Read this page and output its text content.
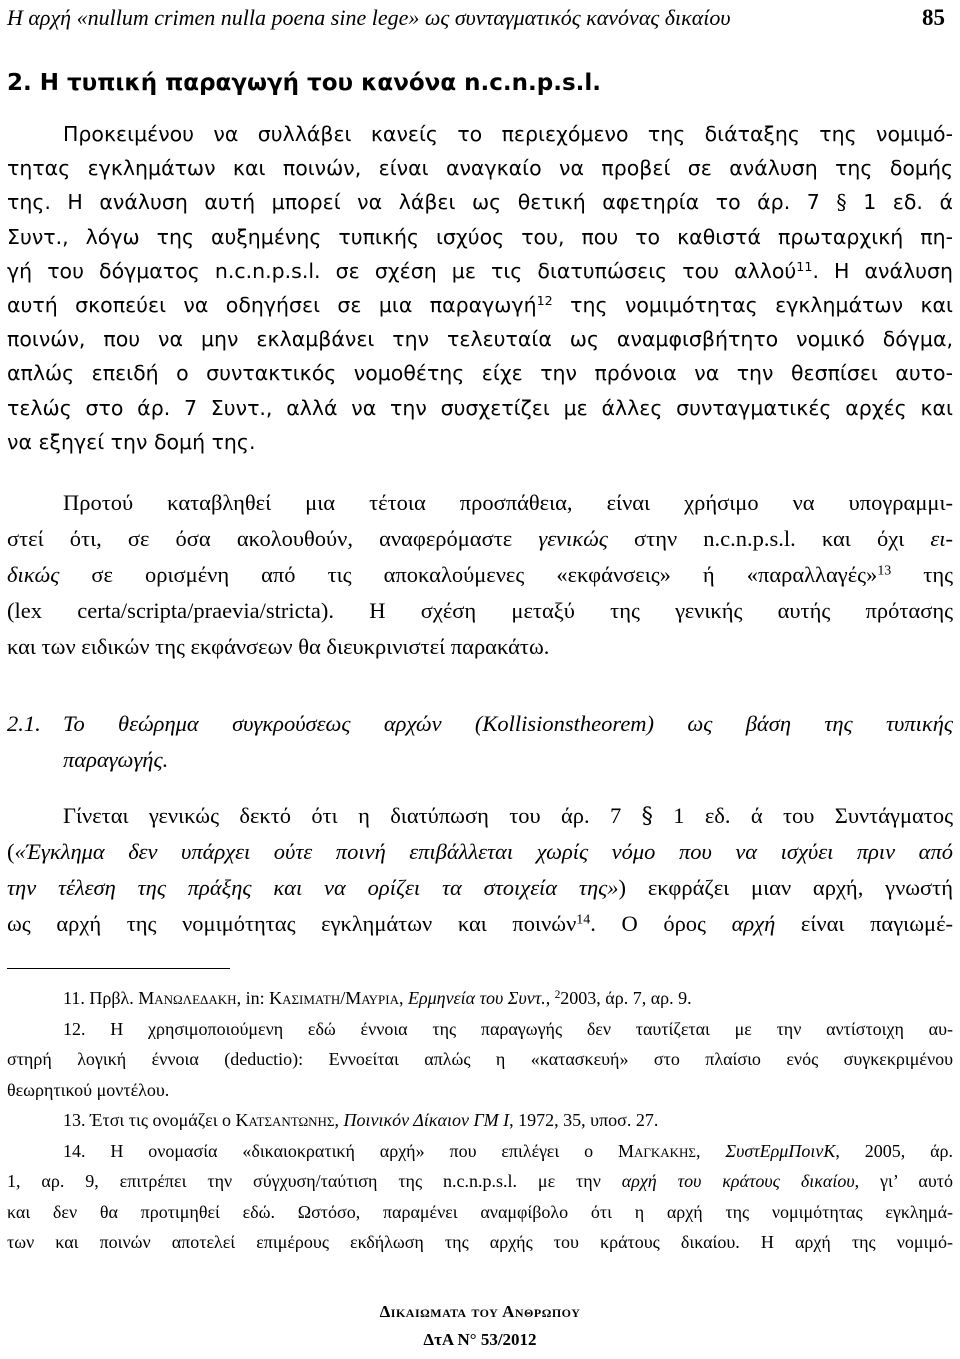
Η αρχή «nullum crimen nulla poena sine lege» ως συνταγματικός κανόνας δικαίου	85
2. Η τυπική παραγωγή του κανόνα n.c.n.p.s.l.
Προκειμένου να συλλάβει κανείς το περιεχόμενο της διάταξης της νομιμό-
τητας εγκλημάτων και ποινών, είναι αναγκαίο να προβεί σε ανάλυση της δομής
της. Η ανάλυση αυτή μπορεί να λάβει ως θετική αφετηρία το άρ. 7 § 1 εδ. ά
Συντ., λόγω της αυξημένης τυπικής ισχύος του, που το καθιστά πρωταρχική πη-
γή του δόγματος n.c.n.p.s.l. σε σχέση με τις διατυπώσεις του αλλού$^{11}$. Η ανάλυση
αυτή σκοπεύει να οδηγήσει σε μια παραγωγή$^{12}$ της νομιμότητας εγκλημάτων και
ποινών, που να μην εκλαμβάνει την τελευταία ως αναμφισβήτητο νομικό δόγμα,
απλώς επειδή ο συντακτικός νομοθέτης είχε την πρόνοια να την θεσπίσει αυτο-
τελώς στο άρ. 7 Συντ., αλλά να την συσχετίζει με άλλες συνταγματικές αρχές και
να εξηγεί την δομή της.
Προτού καταβληθεί μια τέτοια προσπάθεια, είναι χρήσιμο να υπογραμμι-
στεί ότι, σε όσα ακολουθούν, αναφερόμαστε γενικώς στην n.c.n.p.s.l. και όχι ει-
δικώς σε ορισμένη από τις αποκαλούμενες «εκφάνσεις» ή «παραλλαγές»$^{13}$ της
(lex certa/scripta/praevia/stricta). Η σχέση μεταξύ της γενικής αυτής πρότασης
και των ειδικών της εκφάνσεων θα διευκρινιστεί παρακάτω.
2.1. Το θεώρημα συγκρούσεως αρχών (Kollisionstheorem) ως βάση της τυπικής
παραγωγής.
Γίνεται γενικώς δεκτό ότι η διατύπωση του άρ. 7 § 1 εδ. ά του Συντάγματος
(«Έγκλημα δεν υπάρχει ούτε ποινή επιβάλλεται χωρίς νόμο που να ισχύει πριν από
την τέλεση της πράξης και να ορίζει τα στοιχεία της») εκφράζει μιαν αρχή, γνωστή
ως αρχή της νομιμότητας εγκλημάτων και ποινών$^{14}$. Ο όρος αρχή είναι παγιωμέ-
11. Πρβλ. Μανωλεδακη, in: Κασιματη/Μαυρια, Ερμηνεία του Συντ., $^2$2003, άρ. 7, αρ. 9.
12. Η χρησιμοποιούμενη εδώ έννοια της παραγωγής δεν ταυτίζεται με την αντίστοιχη αυ-
στηρή λογική έννοια (deductio): Εννοείται απλώς η «κατασκευή» στο πλαίσιο ενός συγκεκριμένου
θεωρητικού μοντέλου.
13. Έτσι τις ονομάζει ο Κατσαντωνης, Ποινικόν Δίκαιον ΓΜ Ι, 1972, 35, υποσ. 27.
14. Η ονομασία «δικαιοκρατική αρχή» που επιλέγει ο Μαγκακης, ΣυστΕρμΠοινΚ, 2005, άρ.
1, αρ. 9, επιτρέπει την σύγχυση/ταύτιση της n.c.n.p.s.l. με την αρχή του κράτους δικαίου, γι’ αυτό
και δεν θα προτιμηθεί εδώ. Ωστόσο, παραμένει αναμφίβολο ότι η αρχή της νομιμότητας εγκλημά-
των και ποινών αποτελεί επιμέρους εκδήλωση της αρχής του κράτους δικαίου. Η αρχή της νομιμό-
Δικαιωματα του Ανθρωπου
ΔτΑ Ν° 53/2012
